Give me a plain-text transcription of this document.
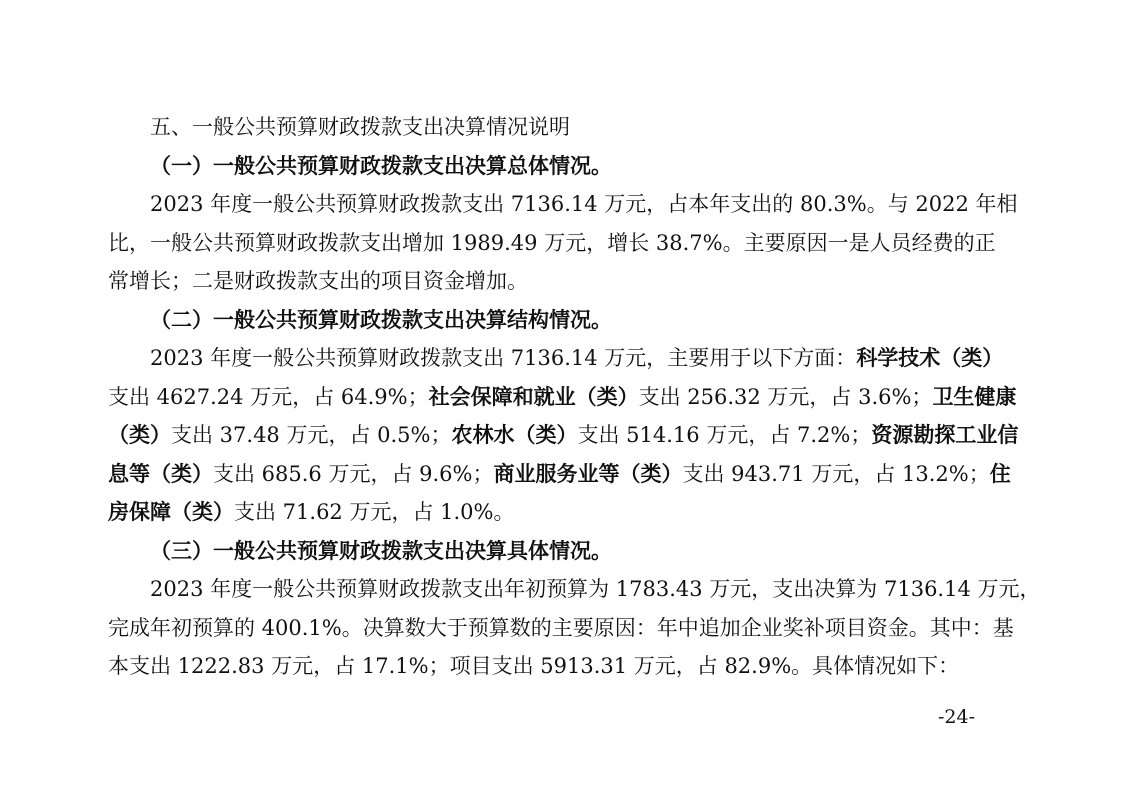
五、一般公共预算财政拨款支出决算情况说明
（一）一般公共预算财政拨款支出决算总体情况。
2023 年度一般公共预算财政拨款支出 7136.14 万元，占本年支出的 80.3%。与 2022 年相
比，一般公共预算财政拨款支出增加 1989.49 万元，增长 38.7%。主要原因一是人员经费的正
常增长；二是财政拨款支出的项目资金增加。
（二）一般公共预算财政拨款支出决算结构情况。
2023 年度一般公共预算财政拨款支出 7136.14 万元，主要用于以下方面：科学技术（类）
支出 4627.24 万元，占 64.9%；社会保障和就业（类）支出 256.32 万元，占 3.6%；卫生健康
（类）支出 37.48 万元，占 0.5%；农林水（类）支出 514.16 万元，占 7.2%；资源勘探工业信
息等（类）支出 685.6 万元，占 9.6%；商业服务业等（类）支出 943.71 万元，占 13.2%；住
房保障（类）支出 71.62 万元，占 1.0%。
（三）一般公共预算财政拨款支出决算具体情况。
2023 年度一般公共预算财政拨款支出年初预算为 1783.43 万元，支出决算为 7136.14 万元，
完成年初预算的 400.1%。决算数大于预算数的主要原因：年中追加企业奖补项目资金。其中：基
本支出 1222.83 万元，占 17.1%；项目支出 5913.31 万元，占 82.9%。具体情况如下：
-24-
